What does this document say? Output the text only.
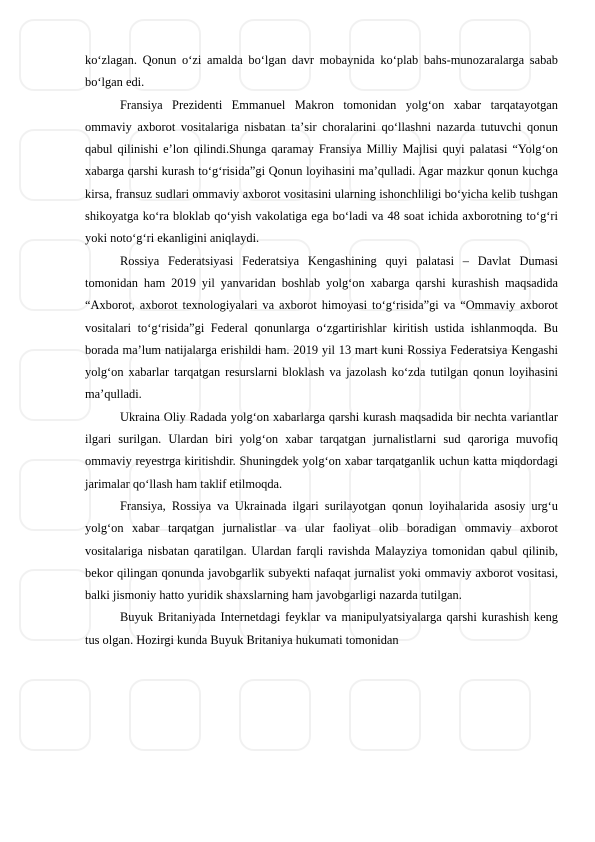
ko‘zlagan. Qonun o‘zi amalda bo‘lgan davr mobaynida ko‘plab bahs-munozaralarga sabab bo‘lgan edi.

Fransiya Prezidenti Emmanuel Makron tomonidan yolg‘on xabar tarqatayotgan ommaviy axborot vositalariga nisbatan taʼsir choralarini qo‘llashni nazarda tutuvchi qonun qabul qilinishi eʼlon qilindi.Shunga qaramay Fransiya Milliy Majlisi quyi palatasi “Yolg‘on xabarga qarshi kurash to‘g‘risida”gi Qonun loyihasini maʼqulladi. Agar mazkur qonun kuchga kirsa, fransuz sudlari ommaviy axborot vositasini ularning ishonchliligi bo‘yicha kelib tushgan shikoyatga ko‘ra bloklab qo‘yish vakolatiga ega bo‘ladi va 48 soat ichida axborotning to‘g‘ri yoki noto‘g‘ri ekanligini aniqlaydi.

Rossiya Federatsiyasi Federatsiya Kengashining quyi palatasi – Davlat Dumasi tomonidan ham 2019 yil yanvaridan boshlab yolg‘on xabarga qarshi kurashish maqsadida “Axborot, axborot texnologiyalari va axborot himoyasi to‘g‘risida”gi va “Ommaviy axborot vositalari to‘g‘risida”gi Federal qonunlarga o‘zgartirishlar kiritish ustida ishlanmoqda. Bu borada maʼlum natijalarga erishildi ham. 2019 yil 13 mart kuni Rossiya Federatsiya Kengashi yolg‘on xabarlar tarqatgan resurslarni bloklash va jazolash ko‘zda tutilgan qonun loyihasini maʼqulladi.

Ukraina Oliy Radada yolg‘on xabarlarga qarshi kurash maqsadida bir nechta variantlar ilgari surilgan. Ulardan biri yolg‘on xabar tarqatgan jurnalistlarni sud qaroriga muvofiq ommaviy reyestrga kiritishdir. Shuningdek yolg‘on xabar tarqatganlik uchun katta miqdordagi jarimalar qo‘llash ham taklif etilmoqda.

Fransiya, Rossiya va Ukrainada ilgari surilayotgan qonun loyihalarida asosiy urg‘u yolg‘on xabar tarqatgan jurnalistlar va ular faoliyat olib boradigan ommaviy axborot vositalariga nisbatan qaratilgan. Ulardan farqli ravishda Malayziya tomonidan qabul qilinib, bekor qilingan qonunda javobgarlik subyekti nafaqat jurnalist yoki ommaviy axborot vositasi, balki jismoniy hatto yuridik shaxslarning ham javobgarligi nazarda tutilgan.

Buyuk Britaniyada Internetdagi feyklar va manipulyatsiyalarga qarshi kurashish keng tus olgan. Hozirgi kunda Buyuk Britaniya hukumati tomonidan
